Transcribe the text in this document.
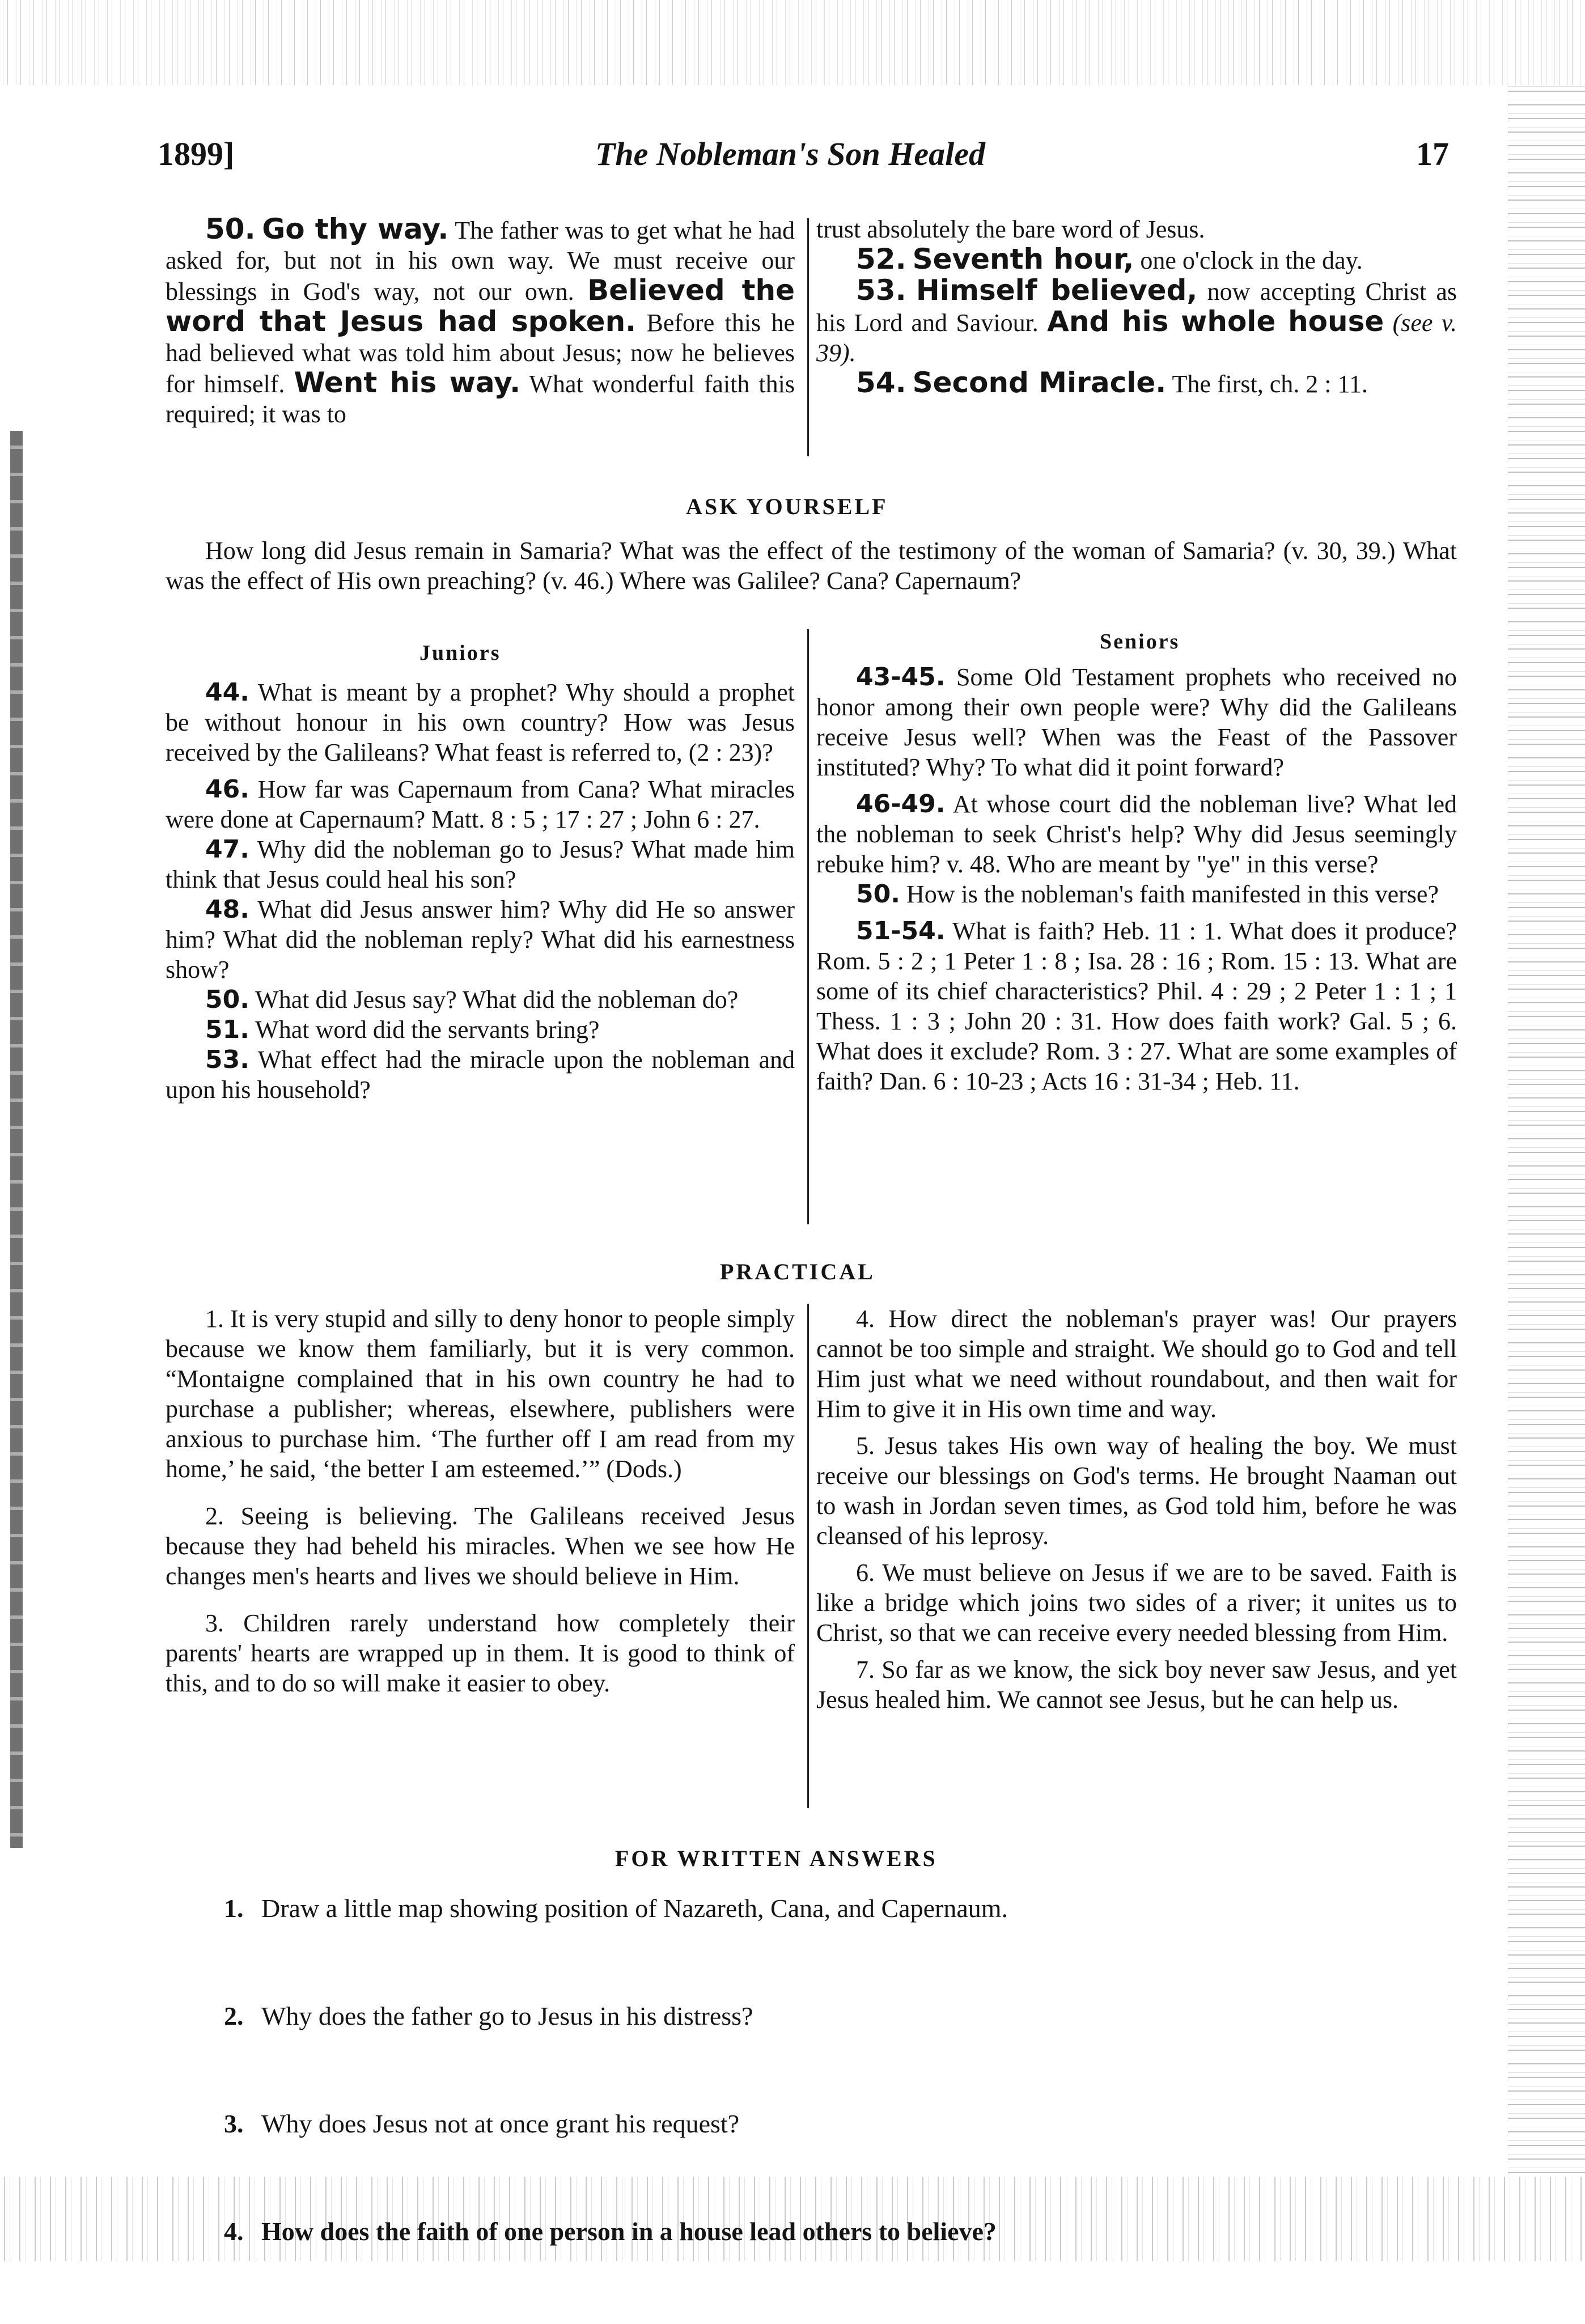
1899]	The Nobleman's Son Healed	17

50. Go thy way. The father was to get what he had asked for, but not in his own way. We must receive our blessings in God's way, not our own. Believed the word that Jesus had spoken. Before this he had believed what was told him about Jesus; now he believes for himself. Went his way. What wonderful faith this required; it was to

trust absolutely the bare word of Jesus.

52. Seventh hour, one o'clock in the day.

53. Himself believed, now accepting Christ as his Lord and Saviour. And his whole house (see v. 39).

54. Second Miracle. The first, ch. 2 : 11.

ASK YOURSELF

How long did Jesus remain in Samaria? What was the effect of the testimony of the woman of Samaria? (v. 30, 39.) What was the effect of His own preaching? (v. 46.) Where was Galilee? Cana? Capernaum?

Juniors	Seniors

44. What is meant by a prophet? Why should a prophet be without honour in his own country? How was Jesus received by the Galileans? What feast is referred to, (2 : 23)?

46. How far was Capernaum from Cana? What miracles were done at Capernaum? Matt. 8 : 5 ; 17 : 27 ; John 6 : 27.

47. Why did the nobleman go to Jesus? What made him think that Jesus could heal his son?

48. What did Jesus answer him? Why did He so answer him? What did the nobleman reply? What did his earnestness show?

50. What did Jesus say? What did the nobleman do?

51. What word did the servants bring?

53. What effect had the miracle upon the nobleman and upon his household?

43-45. Some Old Testament prophets who received no honor among their own people were? Why did the Galileans receive Jesus well? When was the Feast of the Passover instituted? Why? To what did it point forward?

46-49. At whose court did the nobleman live? What led the nobleman to seek Christ's help? Why did Jesus seemingly rebuke him? v. 48. Who are meant by "ye" in this verse?

50. How is the nobleman's faith manifested in this verse?

51-54. What is faith? Heb. 11 : 1. What does it produce? Rom. 5 : 2 ; 1 Peter 1 : 8 ; Isa. 28 : 16 ; Rom. 15 : 13. What are some of its chief characteristics? Phil. 4 : 29 ; 2 Peter 1 : 1 ; 1 Thess. 1 : 3 ; John 20 : 31. How does faith work? Gal. 5 ; 6. What does it exclude? Rom. 3 : 27. What are some examples of faith? Dan. 6 : 10-23 ; Acts 16 : 31-34 ; Heb. 11.

PRACTICAL

1. It is very stupid and silly to deny honor to people simply because we know them familiarly, but it is very common. “Montaigne complained that in his own country he had to purchase a publisher; whereas, elsewhere, publishers were anxious to purchase him. ‘The further off I am read from my home,’ he said, ‘the better I am esteemed.’” (Dods.)

2. Seeing is believing. The Galileans received Jesus because they had beheld his miracles. When we see how He changes men's hearts and lives we should believe in Him.

3. Children rarely understand how completely their parents' hearts are wrapped up in them. It is good to think of this, and to do so will make it easier to obey.

4. How direct the nobleman's prayer was! Our prayers cannot be too simple and straight. We should go to God and tell Him just what we need without roundabout, and then wait for Him to give it in His own time and way.

5. Jesus takes His own way of healing the boy. We must receive our blessings on God's terms. He brought Naaman out to wash in Jordan seven times, as God told him, before he was cleansed of his leprosy.

6. We must believe on Jesus if we are to be saved. Faith is like a bridge which joins two sides of a river; it unites us to Christ, so that we can receive every needed blessing from Him.

7. So far as we know, the sick boy never saw Jesus, and yet Jesus healed him. We cannot see Jesus, but he can help us.

FOR WRITTEN ANSWERS

1. Draw a little map showing position of Nazareth, Cana, and Capernaum.

2. Why does the father go to Jesus in his distress?

3. Why does Jesus not at once grant his request?

4. How does the faith of one person in a house lead others to believe?
